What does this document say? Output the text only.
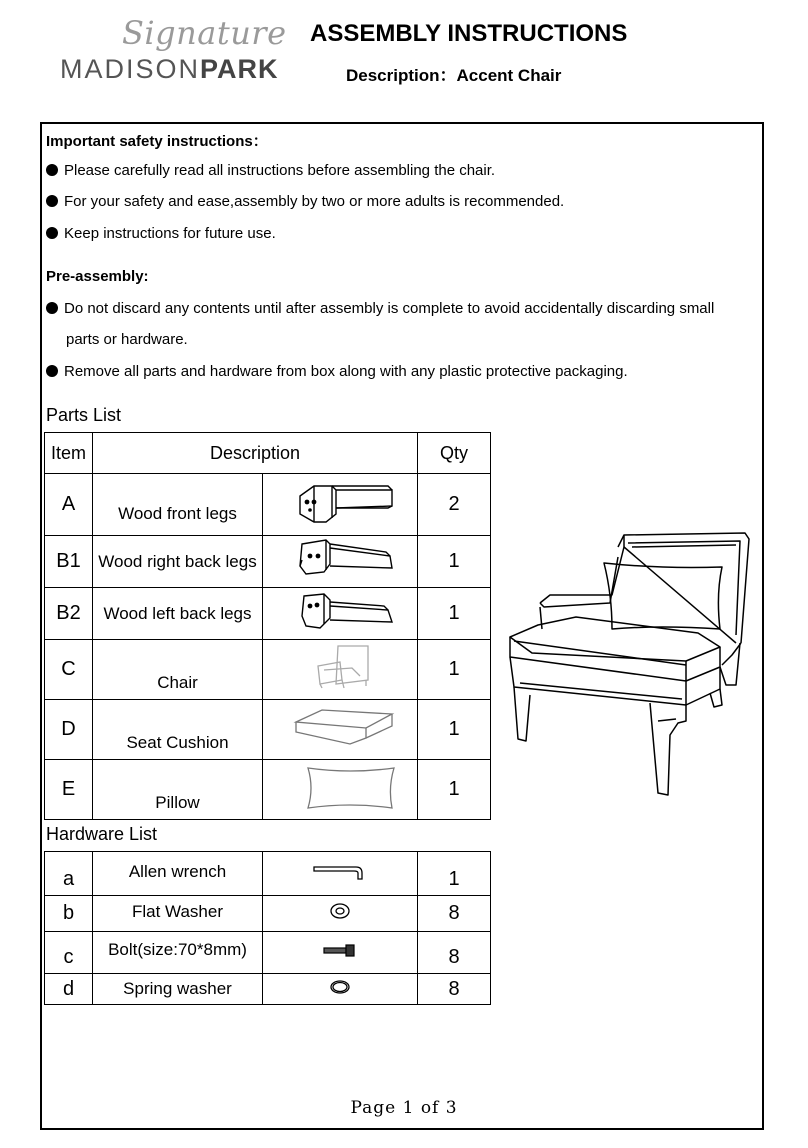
Signature
MADISONPARK
ASSEMBLY INSTRUCTIONS
Description：Accent Chair
Important safety instructions：
Please carefully read all instructions before assembling the chair.
For your safety and ease,assembly by two or more adults is recommended.
Keep instructions for future use.
Pre-assembly:
Do not discard any contents until after assembly is complete to avoid accidentally discarding small
parts or hardware.
Remove all parts and hardware from box along with any plastic protective packaging.
Parts List
Item	Description		Qty
A	Wood front legs		2
B1	Wood right back legs		1
B2	Wood left back legs		1
C	Chair		1
D	Seat Cushion		1
E	Pillow		1
Hardware List
a	Allen wrench		1
b	Flat Washer		8
c	Bolt(size:70*8mm)		8
d	Spring washer		8
Page 1 of 3
